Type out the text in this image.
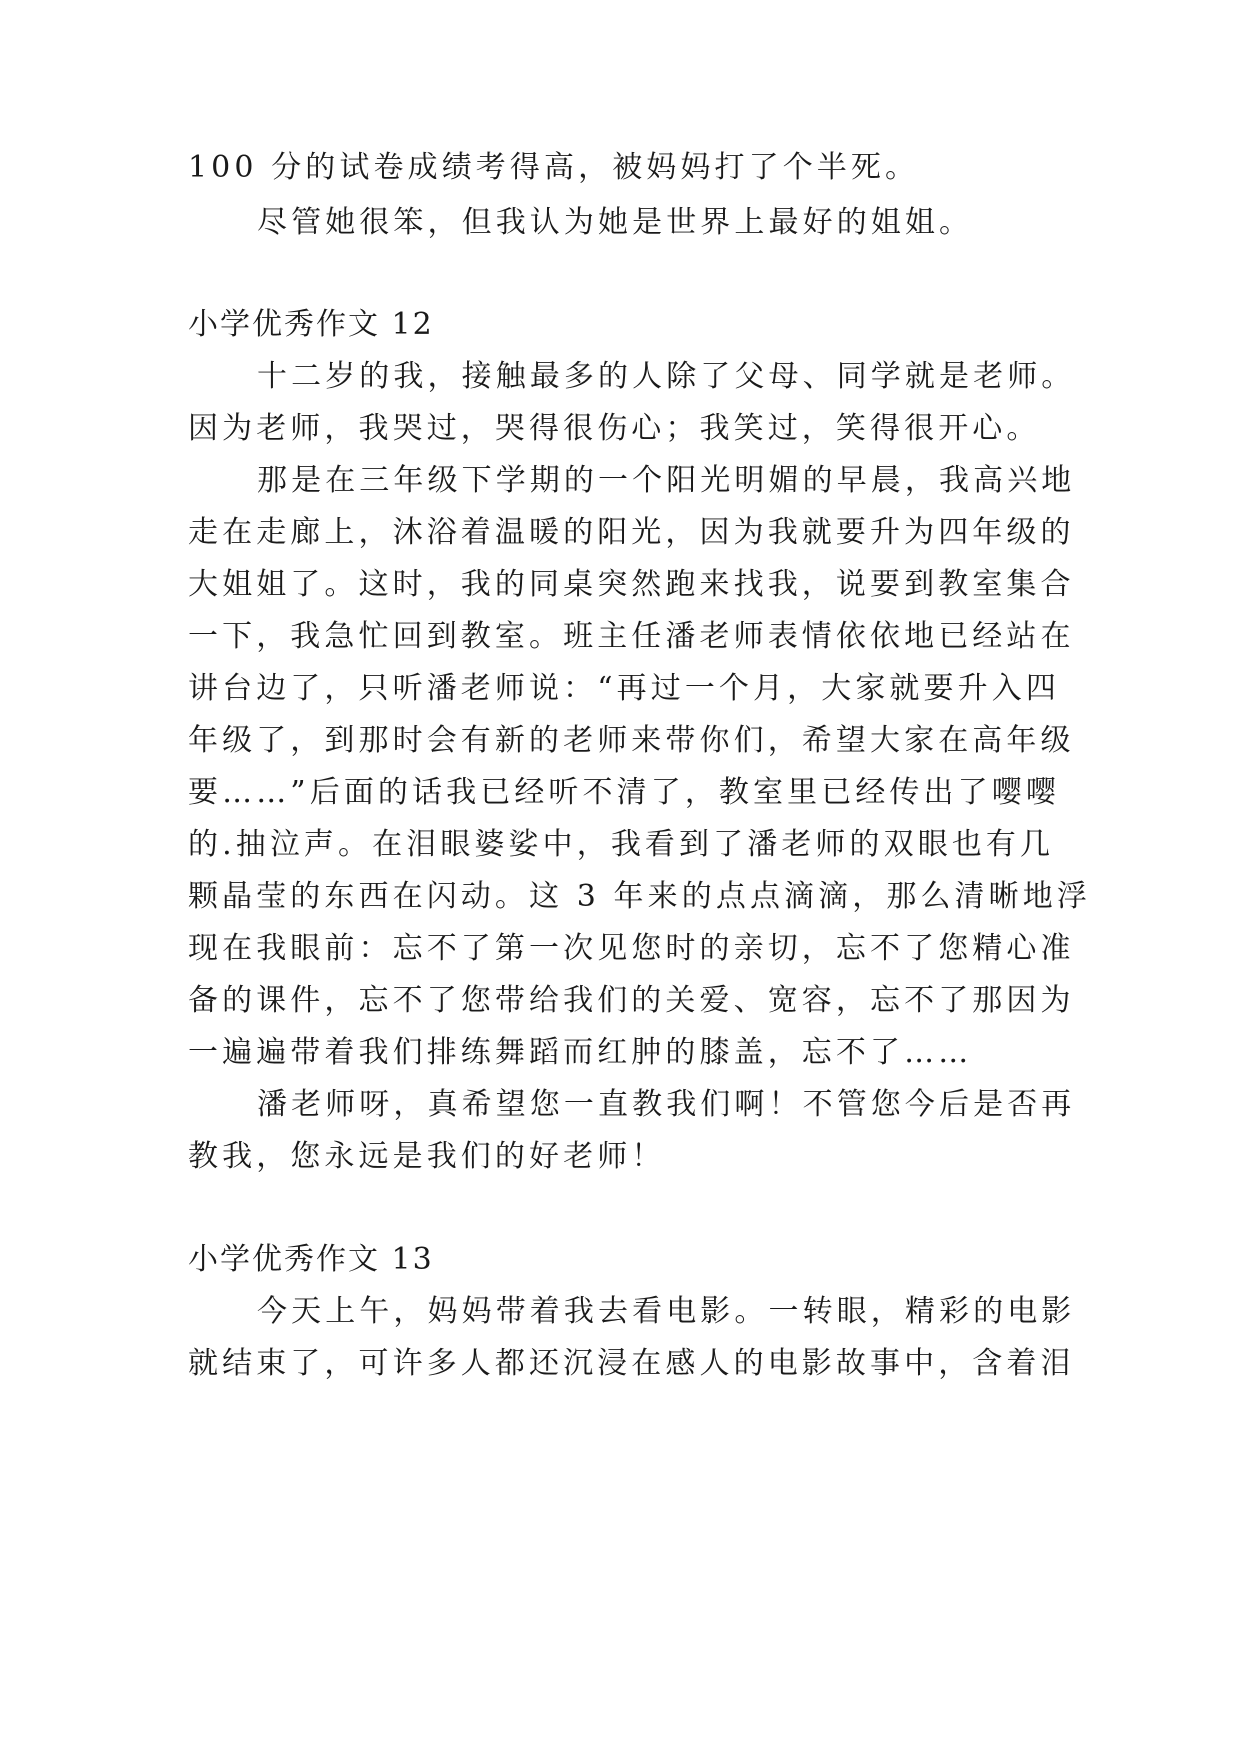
100 分的试卷成绩考得高，被妈妈打了个半死。
尽管她很笨，但我认为她是世界上最好的姐姐。
小学优秀作文 12
十二岁的我，接触最多的人除了父母、同学就是老师。
因为老师，我哭过，哭得很伤心；我笑过，笑得很开心。
那是在三年级下学期的一个阳光明媚的早晨，我高兴地
走在走廊上，沐浴着温暖的阳光，因为我就要升为四年级的
大姐姐了。这时，我的同桌突然跑来找我，说要到教室集合
一下，我急忙回到教室。班主任潘老师表情依依地已经站在
讲台边了，只听潘老师说：“再过一个月，大家就要升入四
年级了，到那时会有新的老师来带你们，希望大家在高年级
要……”后面的话我已经听不清了，教室里已经传出了嘤嘤
的.抽泣声。在泪眼婆娑中，我看到了潘老师的双眼也有几
颗晶莹的东西在闪动。这 3 年来的点点滴滴，那么清晰地浮
现在我眼前：忘不了第一次见您时的亲切，忘不了您精心准
备的课件，忘不了您带给我们的关爱、宽容，忘不了那因为
一遍遍带着我们排练舞蹈而红肿的膝盖，忘不了……
潘老师呀，真希望您一直教我们啊！不管您今后是否再
教我，您永远是我们的好老师！
小学优秀作文 13
今天上午，妈妈带着我去看电影。一转眼，精彩的电影
就结束了，可许多人都还沉浸在感人的电影故事中，含着泪
